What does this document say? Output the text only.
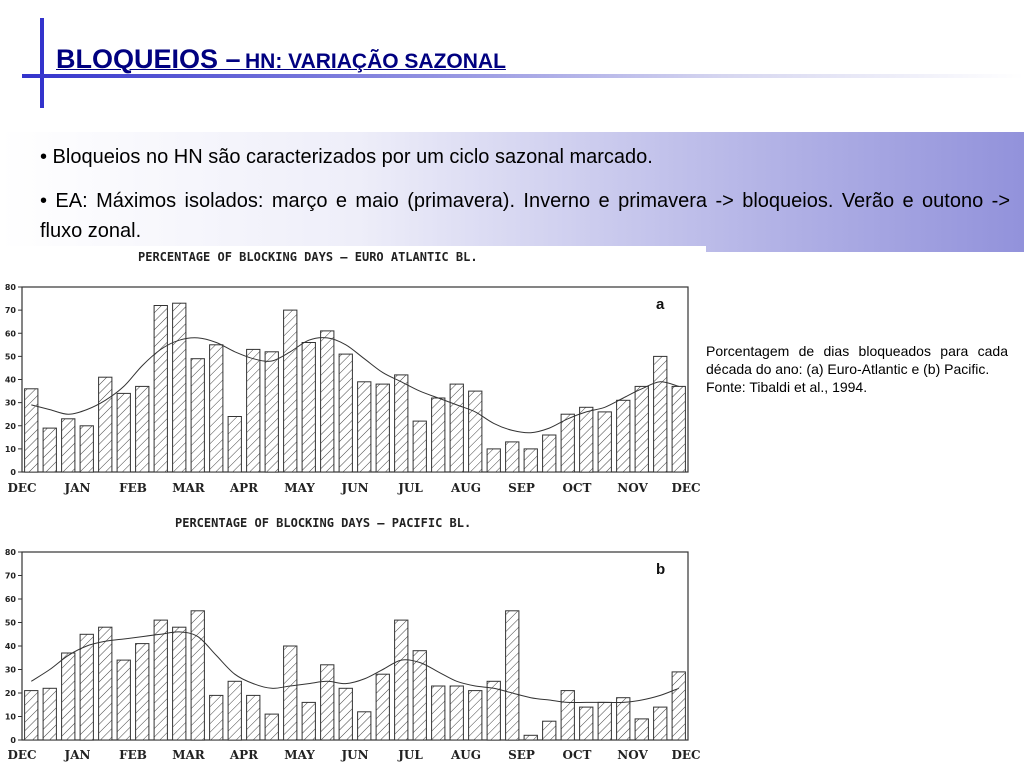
BLOQUEIOS – HN: VARIAÇÃO SAZONAL
• Bloqueios no HN são caracterizados por um ciclo sazonal marcado.
• EA: Máximos isolados: março e maio (primavera). Inverno e primavera -> bloqueios. Verão e outono -> fluxo zonal.
PERCENTAGE OF BLOCKING DAYS – EURO ATLANTIC BL.
0
10
20
30
40
50
60
70
80
DEC JAN FEB MAR APR MAY JUN JUL AUG SEP OCT NOV DEC
a
PERCENTAGE OF BLOCKING DAYS – PACIFIC BL.
0
10
20
30
40
50
60
70
80
DEC JAN FEB MAR APR MAY JUN JUL AUG SEP OCT NOV DEC
b
Porcentagem de dias bloqueados para cada década do ano: (a) Euro-Atlantic e (b) Pacific.

Fonte: Tibaldi et al., 1994.
